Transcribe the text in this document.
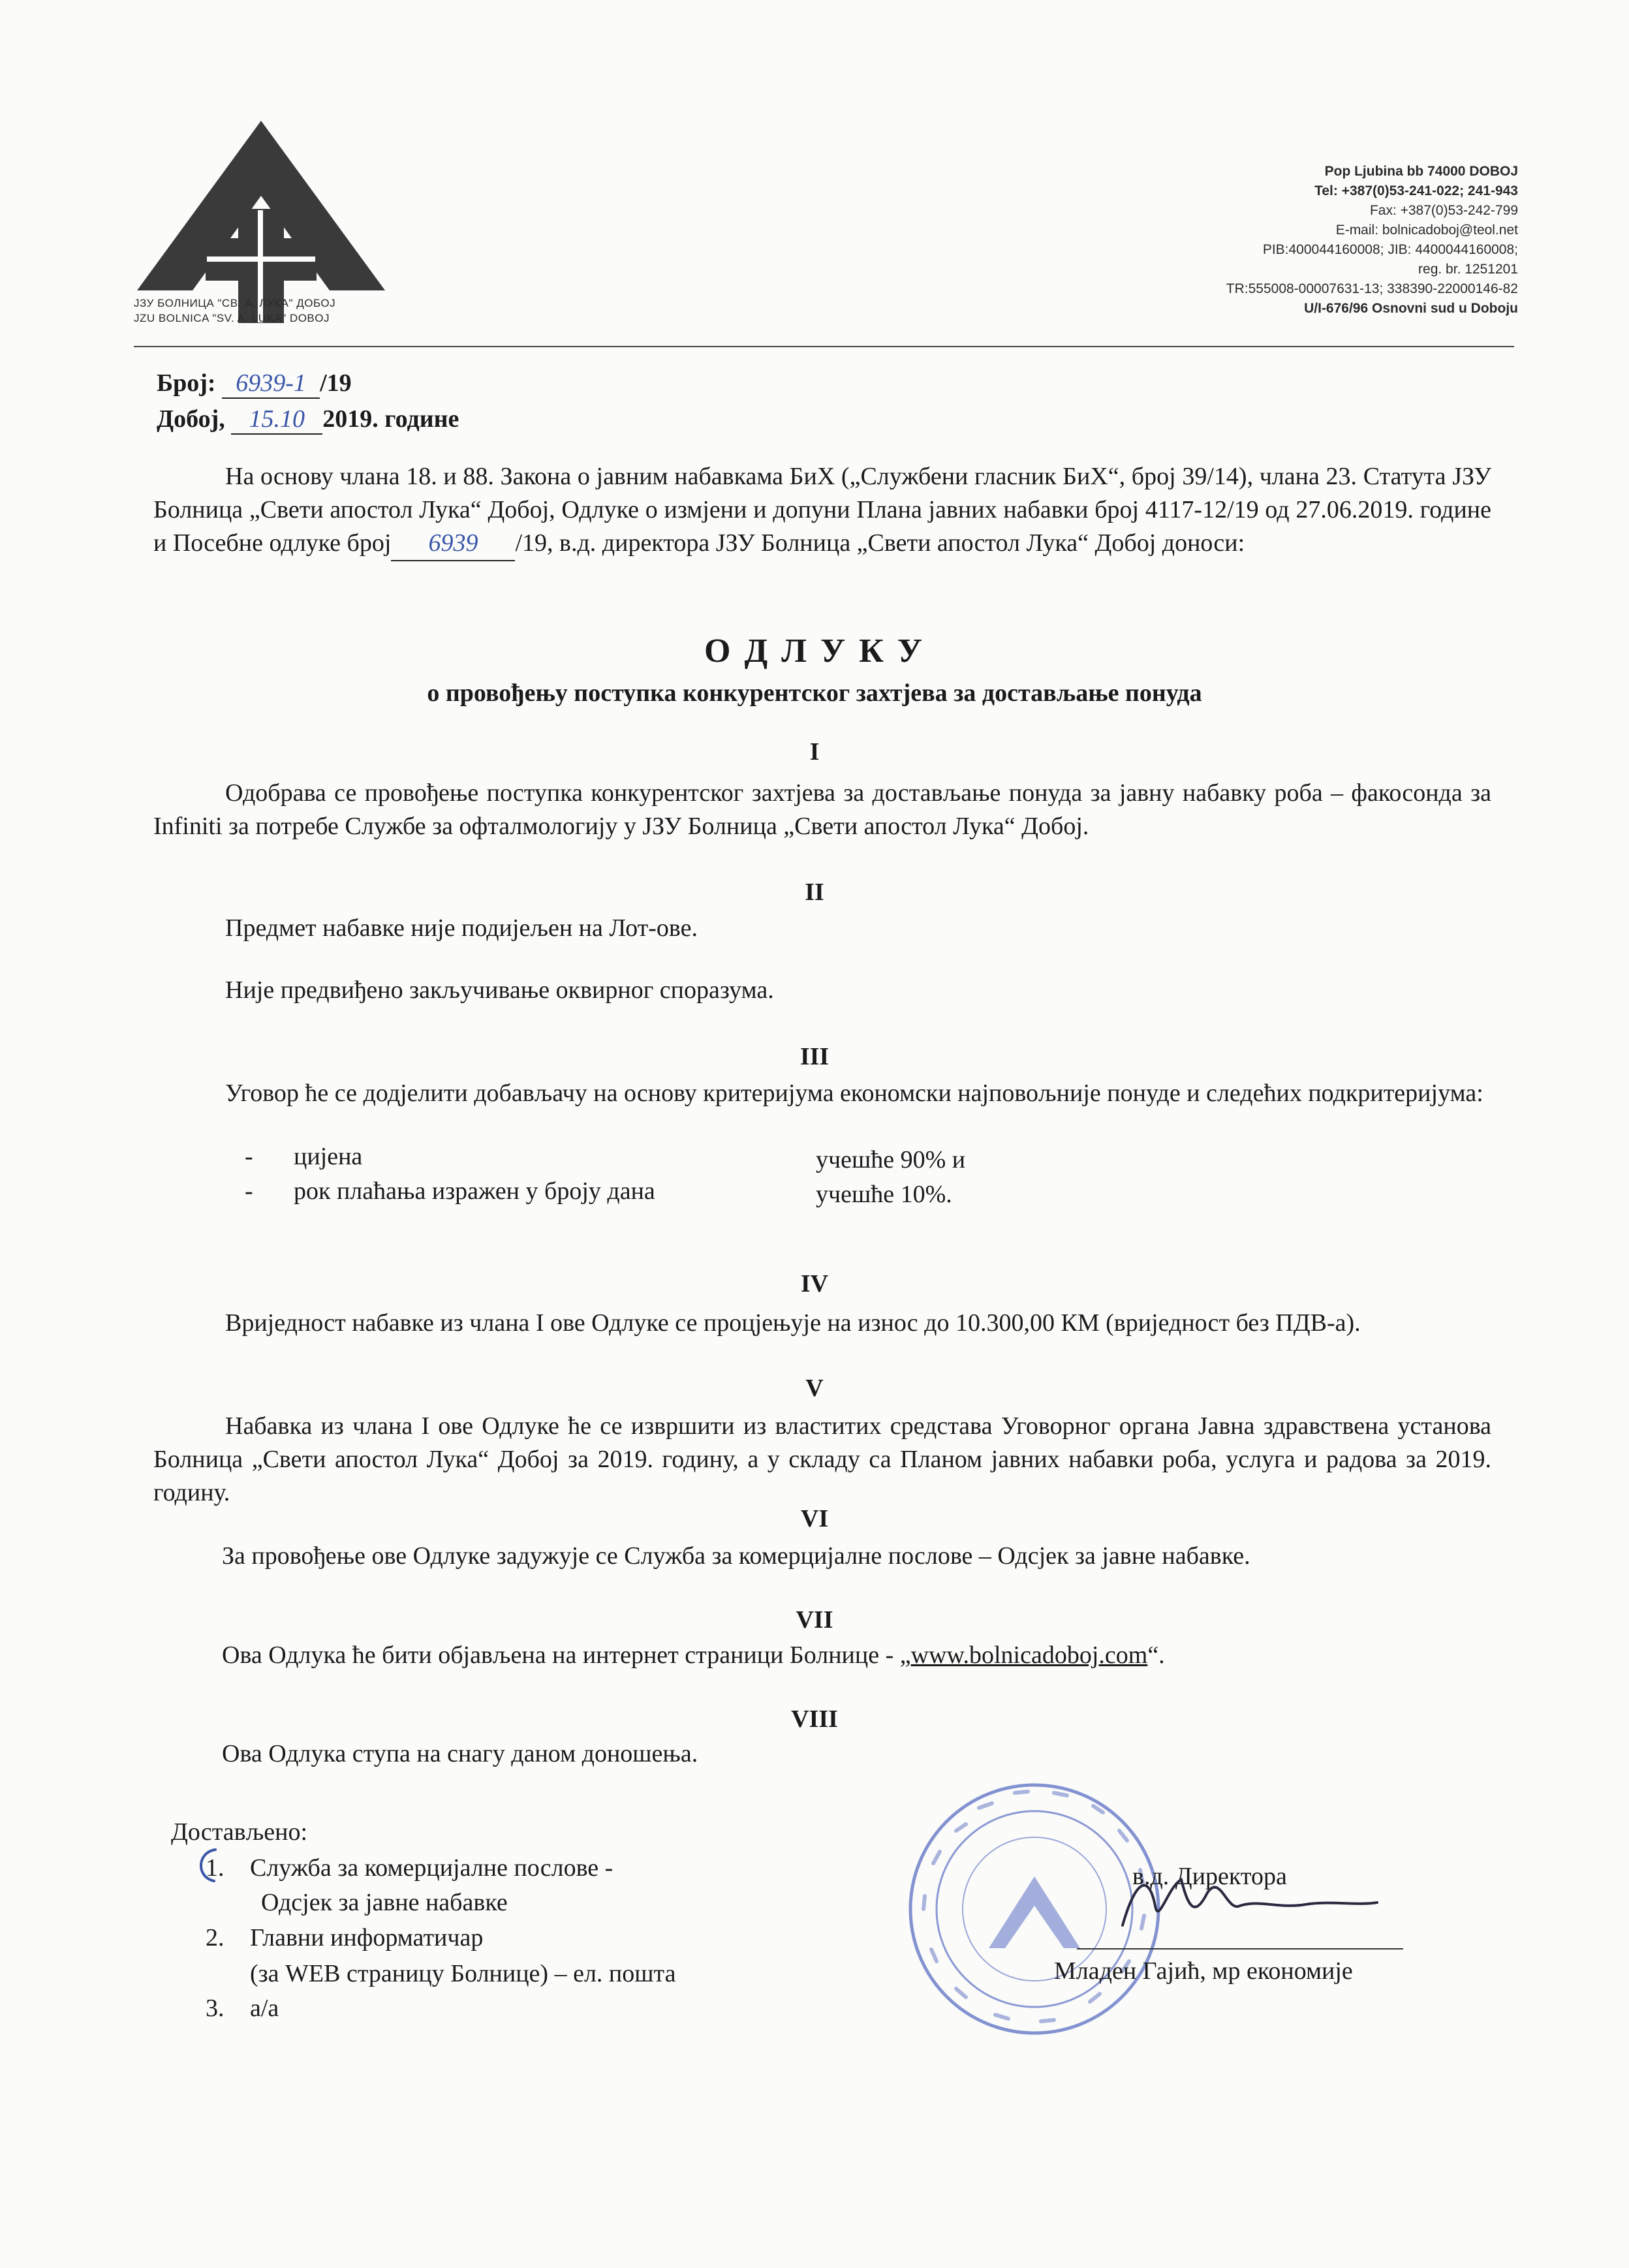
ЈЗУ БОЛНИЦА "СВ. А. ЛУКА" ДОБОЈ
JZU BOLNICA "SV. A. LUKA" DOBOJ
Pop Ljubina bb 74000 DOBOJ
Tel: +387(0)53-241-022; 241-943
Fax: +387(0)53-242-799
E-mail: bolnicadoboj@teol.net
PIB:400044160008; JIB: 4400044160008;
reg. br. 1251201
TR:555008-00007631-13; 338390-22000146-82
U/I-676/96 Osnovni sud u Doboju
Број: 6939-1 /19
Добој, 15.10 2019. године
На основу члана 18. и 88. Закона о јавним набавкама БиХ („Службени гласник БиХ“, број 39/14), члана 23. Статута ЈЗУ Болница „Свети апостол Лука“ Добој, Одлуке о измјени и допуни Плана јавних набавки број 4117-12/19 од 27.06.2019. године и Посебне одлуке број 6939 /19, в.д. директора ЈЗУ Болница „Свети апостол Лука“ Добој доноси:
О Д Л У К У
о провођењу поступка конкурентског захтјева за достављање понуда
I
Одобрава се провођење поступка конкурентског захтјева за достављање понуда за јавну набавку роба – факосонда за Infiniti за потребе Службе за офталмологију у ЈЗУ Болница „Свети апостол Лука“ Добој.
II
Предмет набавке није подијељен на Лот-ове.
Није предвиђено закључивање оквирног споразума.
III
Уговор ће се додјелити добављачу на основу критеријума економски најповољније понуде и следећих подкритеријума:
- цијена	учешће 90% и
- рок плаћања изражен у броју дана	учешће 10%.
IV
Вриједност набавке из члана I ове Одлуке се процјењује на износ до 10.300,00 КМ (вриједност без ПДВ-а).
V
Набавка из члана I ове Одлуке ће се извршити из властитих средстава Уговорног органа Јавна здравствена установа Болница „Свети апостол Лука“ Добој за 2019. годину, а у складу са Планом јавних набавки роба, услуга и радова за 2019. годину.
VI
За провођење ове Одлуке задужује се Служба за комерцијалне послове – Одсјек за јавне набавке.
VII
Ова Одлука ће бити објављена на интернет страници Болнице - „www.bolnicadoboj.com“.
VIII
Ова Одлука ступа на снагу даном доношења.
Достављено:
1. Служба за комерцијалне послове -
Одсјек за јавне набавке
2. Главни информатичар
(за WEB страницу Болнице) – ел. пошта
3. а/а
в.д. Директора
Младен Гајић, мр економије
